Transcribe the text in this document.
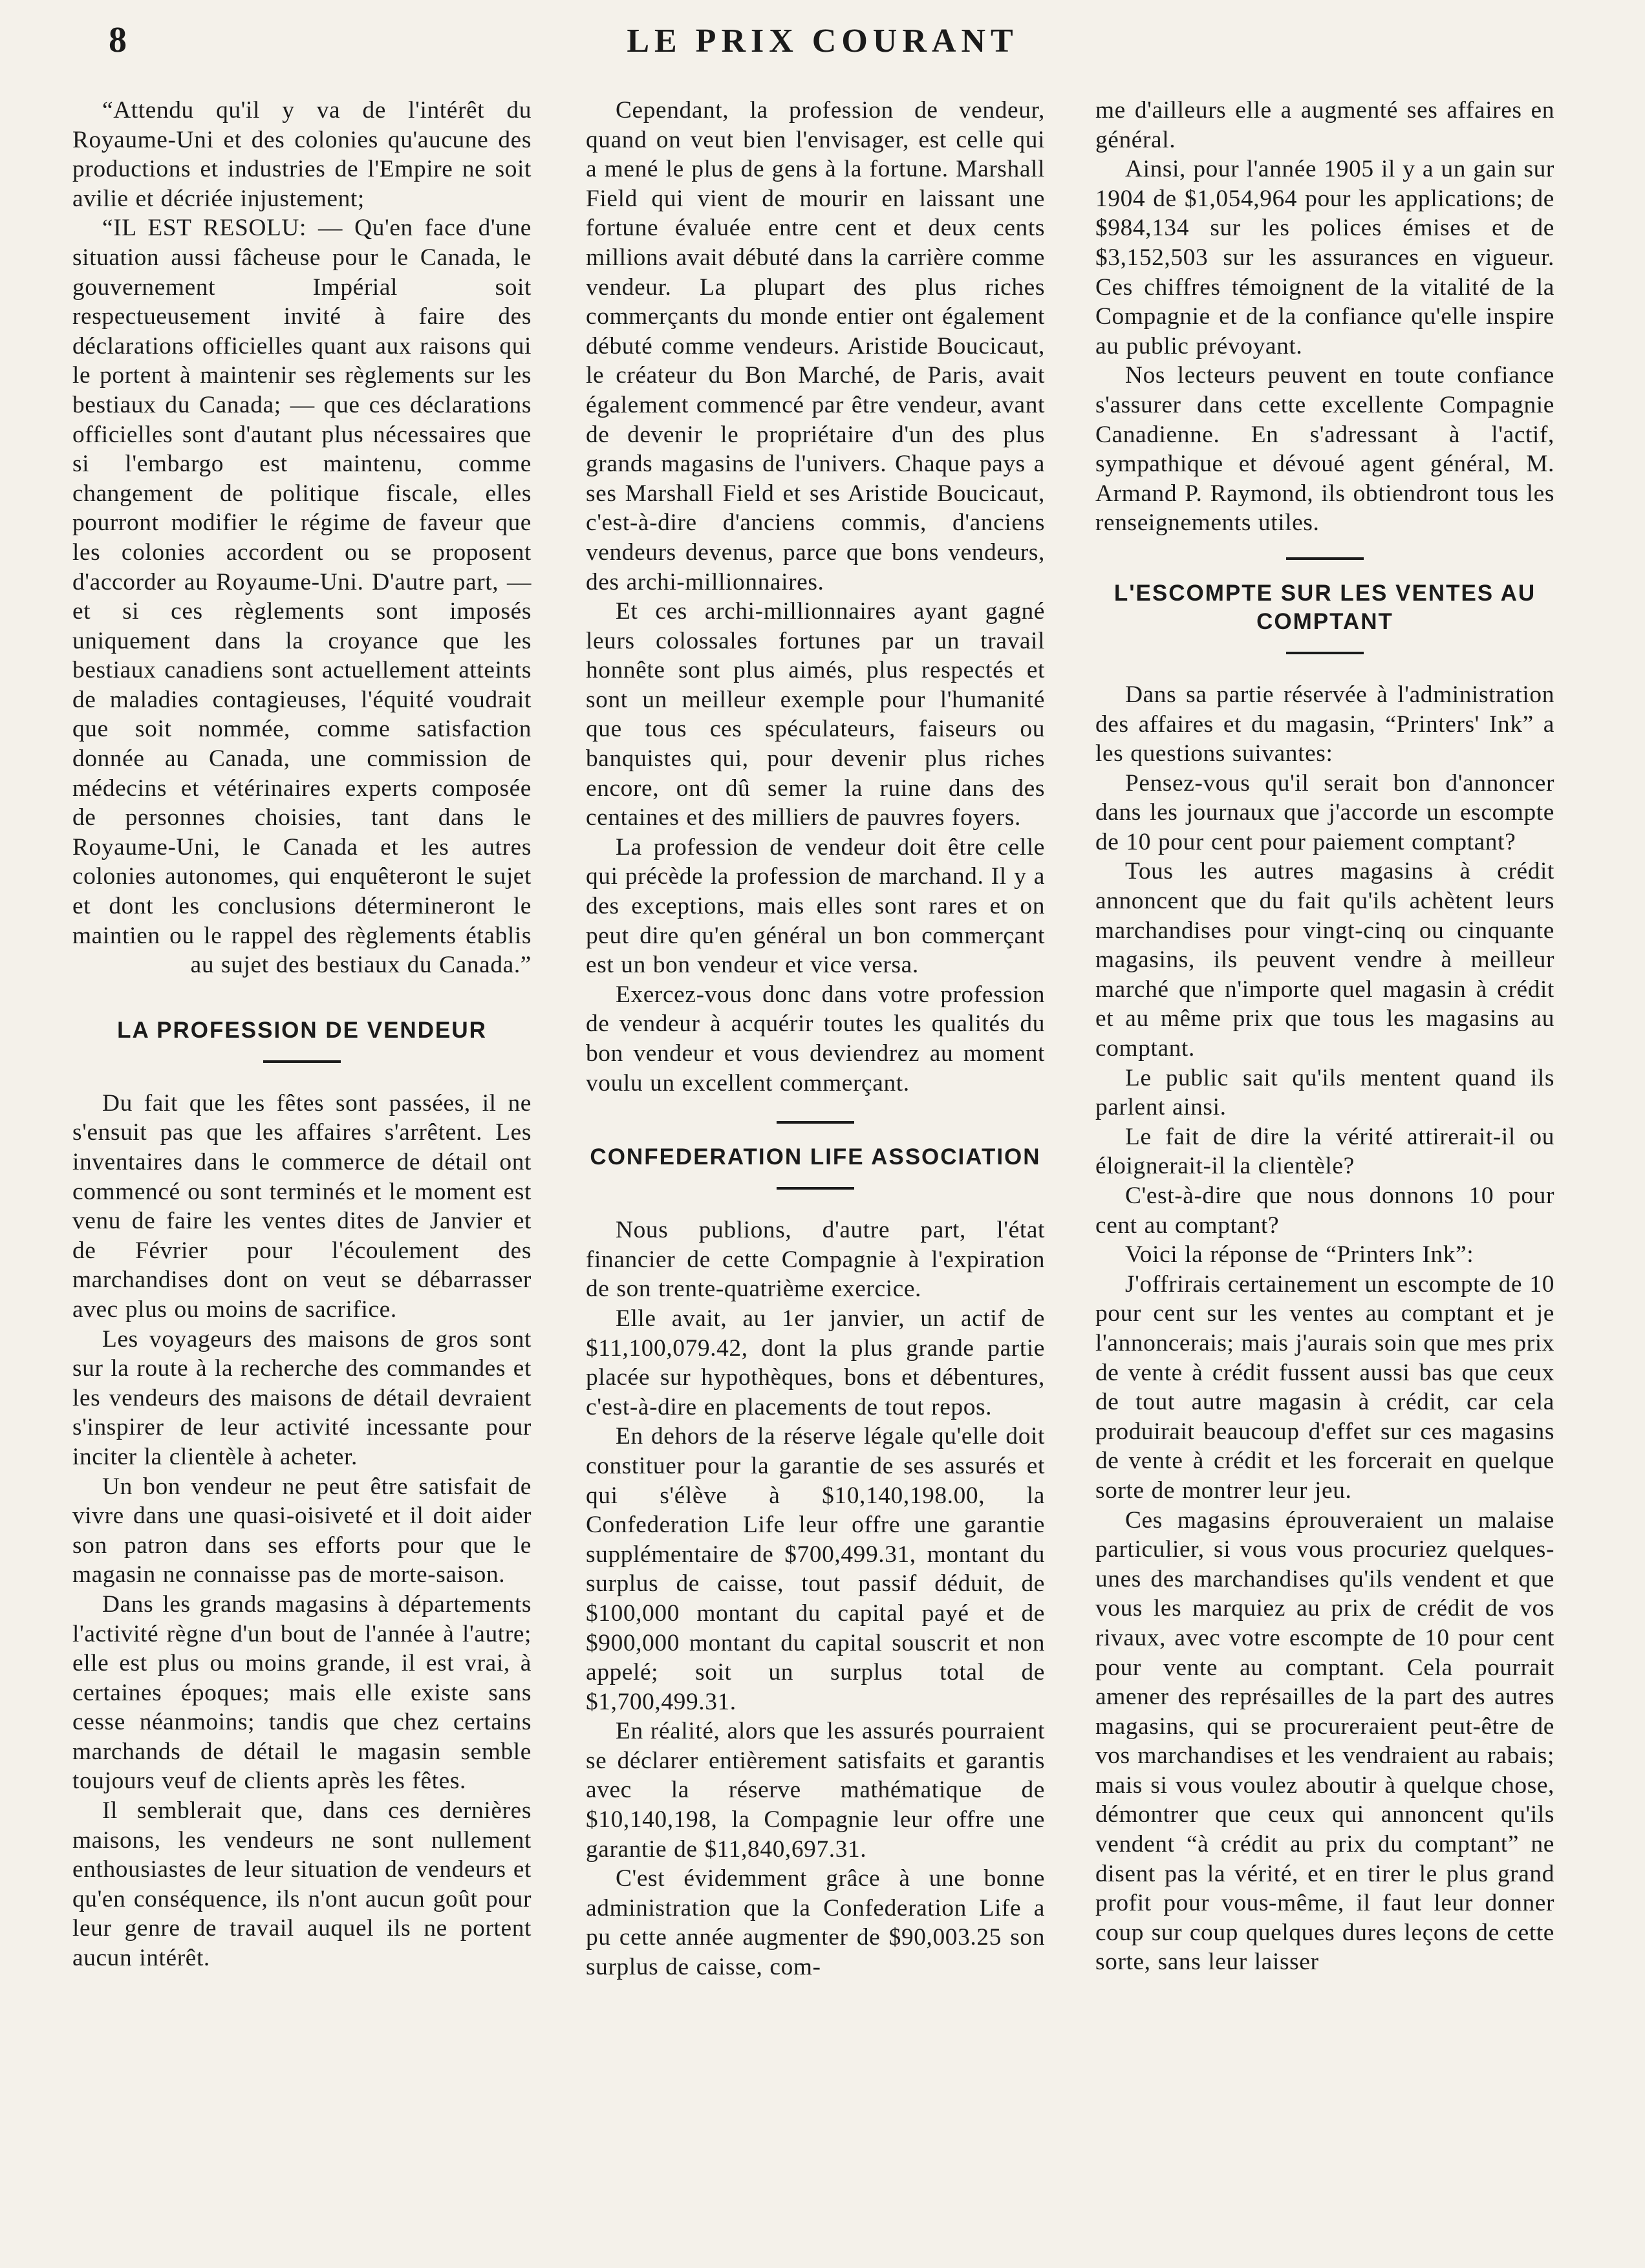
8	LE PRIX COURANT

“Attendu qu'il y va de l'intérêt du Royaume-Uni et des colonies qu'aucune des productions et industries de l'Empire ne soit avilie et décriée injustement;

“IL EST RESOLU: — Qu'en face d'une situation aussi fâcheuse pour le Canada, le gouvernement Impérial soit respectueusement invité à faire des déclarations officielles quant aux raisons qui le portent à maintenir ses règlements sur les bestiaux du Canada; — que ces déclarations officielles sont d'autant plus nécessaires que si l'embargo est maintenu, comme changement de politique fiscale, elles pourront modifier le régime de faveur que les colonies accordent ou se proposent d'accorder au Royaume-Uni. D'autre part, — et si ces règlements sont imposés uniquement dans la croyance que les bestiaux canadiens sont actuellement atteints de maladies contagieuses, l'équité voudrait que soit nommée, comme satisfaction donnée au Canada, une commission de médecins et vétérinaires experts composée de personnes choisies, tant dans le Royaume-Uni, le Canada et les autres colonies autonomes, qui enquêteront le sujet et dont les conclusions détermineront le maintien ou le rappel des règlements établis au sujet des bestiaux du Canada.”

LA PROFESSION DE VENDEUR

Du fait que les fêtes sont passées, il ne s'ensuit pas que les affaires s'arrêtent. Les inventaires dans le commerce de détail ont commencé ou sont terminés et le moment est venu de faire les ventes dites de Janvier et de Février pour l'écoulement des marchandises dont on veut se débarrasser avec plus ou moins de sacrifice.

Les voyageurs des maisons de gros sont sur la route à la recherche des commandes et les vendeurs des maisons de détail devraient s'inspirer de leur activité incessante pour inciter la clientèle à acheter.

Un bon vendeur ne peut être satisfait de vivre dans une quasi-oisiveté et il doit aider son patron dans ses efforts pour que le magasin ne connaisse pas de morte-saison.

Dans les grands magasins à départements l'activité règne d'un bout de l'année à l'autre; elle est plus ou moins grande, il est vrai, à certaines époques; mais elle existe sans cesse néanmoins; tandis que chez certains marchands de détail le magasin semble toujours veuf de clients après les fêtes.

Il semblerait que, dans ces dernières maisons, les vendeurs ne sont nullement enthousiastes de leur situation de vendeurs et qu'en conséquence, ils n'ont aucun goût pour leur genre de travail auquel ils ne portent aucun intérêt.

Cependant, la profession de vendeur, quand on veut bien l'envisager, est celle qui a mené le plus de gens à la fortune. Marshall Field qui vient de mourir en laissant une fortune évaluée entre cent et deux cents millions avait débuté dans la carrière comme vendeur. La plupart des plus riches commerçants du monde entier ont également débuté comme vendeurs. Aristide Boucicaut, le créateur du Bon Marché, de Paris, avait également commencé par être vendeur, avant de devenir le propriétaire d'un des plus grands magasins de l'univers. Chaque pays a ses Marshall Field et ses Aristide Boucicaut, c'est-à-dire d'anciens commis, d'anciens vendeurs devenus, parce que bons vendeurs, des archi-millionnaires.

Et ces archi-millionnaires ayant gagné leurs colossales fortunes par un travail honnête sont plus aimés, plus respectés et sont un meilleur exemple pour l'humanité que tous ces spéculateurs, faiseurs ou banquistes qui, pour devenir plus riches encore, ont dû semer la ruine dans des centaines et des milliers de pauvres foyers.

La profession de vendeur doit être celle qui précède la profession de marchand. Il y a des exceptions, mais elles sont rares et on peut dire qu'en général un bon commerçant est un bon vendeur et vice versa.

Exercez-vous donc dans votre profession de vendeur à acquérir toutes les qualités du bon vendeur et vous deviendrez au moment voulu un excellent commerçant.

CONFEDERATION LIFE ASSOCIATION

Nous publions, d'autre part, l'état financier de cette Compagnie à l'expiration de son trente-quatrième exercice.

Elle avait, au 1er janvier, un actif de $11,100,079.42, dont la plus grande partie placée sur hypothèques, bons et débentures, c'est-à-dire en placements de tout repos.

En dehors de la réserve légale qu'elle doit constituer pour la garantie de ses assurés et qui s'élève à $10,140,198.00, la Confederation Life leur offre une garantie supplémentaire de $700,499.31, montant du surplus de caisse, tout passif déduit, de $100,000 montant du capital payé et de $900,000 montant du capital souscrit et non appelé; soit un surplus total de $1,700,499.31.

En réalité, alors que les assurés pourraient se déclarer entièrement satisfaits et garantis avec la réserve mathématique de $10,140,198, la Compagnie leur offre une garantie de $11,840,697.31.

C'est évidemment grâce à une bonne administration que la Confederation Life a pu cette année augmenter de $90,003.25 son surplus de caisse, com-

me d'ailleurs elle a augmenté ses affaires en général.

Ainsi, pour l'année 1905 il y a un gain sur 1904 de $1,054,964 pour les applications; de $984,134 sur les polices émises et de $3,152,503 sur les assurances en vigueur. Ces chiffres témoignent de la vitalité de la Compagnie et de la confiance qu'elle inspire au public prévoyant.

Nos lecteurs peuvent en toute confiance s'assurer dans cette excellente Compagnie Canadienne. En s'adressant à l'actif, sympathique et dévoué agent général, M. Armand P. Raymond, ils obtiendront tous les renseignements utiles.

L'ESCOMPTE SUR LES VENTES AU COMPTANT

Dans sa partie réservée à l'administration des affaires et du magasin, “Printers' Ink” a les questions suivantes:

Pensez-vous qu'il serait bon d'annoncer dans les journaux que j'accorde un escompte de 10 pour cent pour paiement comptant?

Tous les autres magasins à crédit annoncent que du fait qu'ils achètent leurs marchandises pour vingt-cinq ou cinquante magasins, ils peuvent vendre à meilleur marché que n'importe quel magasin à crédit et au même prix que tous les magasins au comptant.

Le public sait qu'ils mentent quand ils parlent ainsi.

Le fait de dire la vérité attirerait-il ou éloignerait-il la clientèle?

C'est-à-dire que nous donnons 10 pour cent au comptant?

Voici la réponse de “Printers Ink”:

J'offrirais certainement un escompte de 10 pour cent sur les ventes au comptant et je l'annoncerais; mais j'aurais soin que mes prix de vente à crédit fussent aussi bas que ceux de tout autre magasin à crédit, car cela produirait beaucoup d'effet sur ces magasins de vente à crédit et les forcerait en quelque sorte de montrer leur jeu.

Ces magasins éprouveraient un malaise particulier, si vous vous procuriez quelques-unes des marchandises qu'ils vendent et que vous les marquiez au prix de crédit de vos rivaux, avec votre escompte de 10 pour cent pour vente au comptant. Cela pourrait amener des représailles de la part des autres magasins, qui se procureraient peut-être de vos marchandises et les vendraient au rabais; mais si vous voulez aboutir à quelque chose, démontrer que ceux qui annoncent qu'ils vendent “à crédit au prix du comptant” ne disent pas la vérité, et en tirer le plus grand profit pour vous-même, il faut leur donner coup sur coup quelques dures leçons de cette sorte, sans leur laisser
